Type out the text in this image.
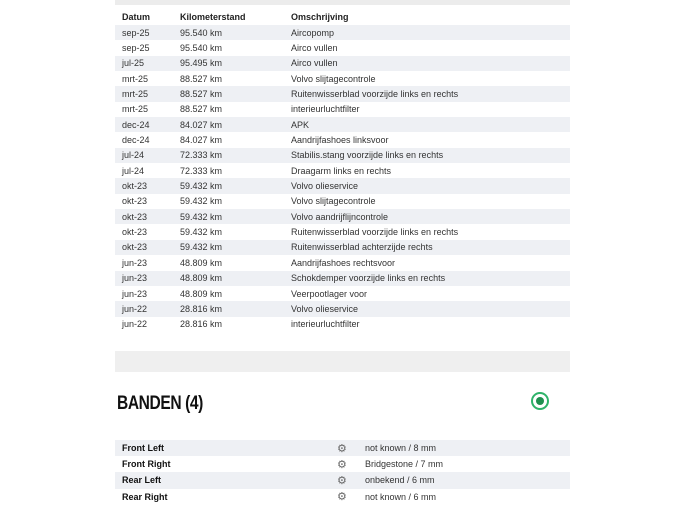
Datum	Kilometerstand	Omschrijving
sep-25	95.540 km	Aircopomp
sep-25	95.540 km	Airco vullen
jul-25	95.495 km	Airco vullen
mrt-25	88.527 km	Volvo slijtagecontrole
mrt-25	88.527 km	Ruitenwisserblad voorzijde links en rechts
mrt-25	88.527 km	interieurluchtfilter
dec-24	84.027 km	APK
dec-24	84.027 km	Aandrijfashoes linksvoor
jul-24	72.333 km	Stabilis.stang voorzijde links en rechts
jul-24	72.333 km	Draagarm links en rechts
okt-23	59.432 km	Volvo olieservice
okt-23	59.432 km	Volvo slijtagecontrole
okt-23	59.432 km	Volvo aandrijflijncontrole
okt-23	59.432 km	Ruitenwisserblad voorzijde links en rechts
okt-23	59.432 km	Ruitenwisserblad achterzijde rechts
jun-23	48.809 km	Aandrijfashoes rechtsvoor
jun-23	48.809 km	Schokdemper voorzijde links en rechts
jun-23	48.809 km	Veerpootlager voor
jun-22	28.816 km	Volvo olieservice
jun-22	28.816 km	interieurluchtfilter
BANDEN (4)
Front Left	⚙	not known / 8 mm
Front Right	⚙	Bridgestone / 7 mm
Rear Left	⚙	onbekend / 6 mm
Rear Right	⚙	not known / 6 mm
